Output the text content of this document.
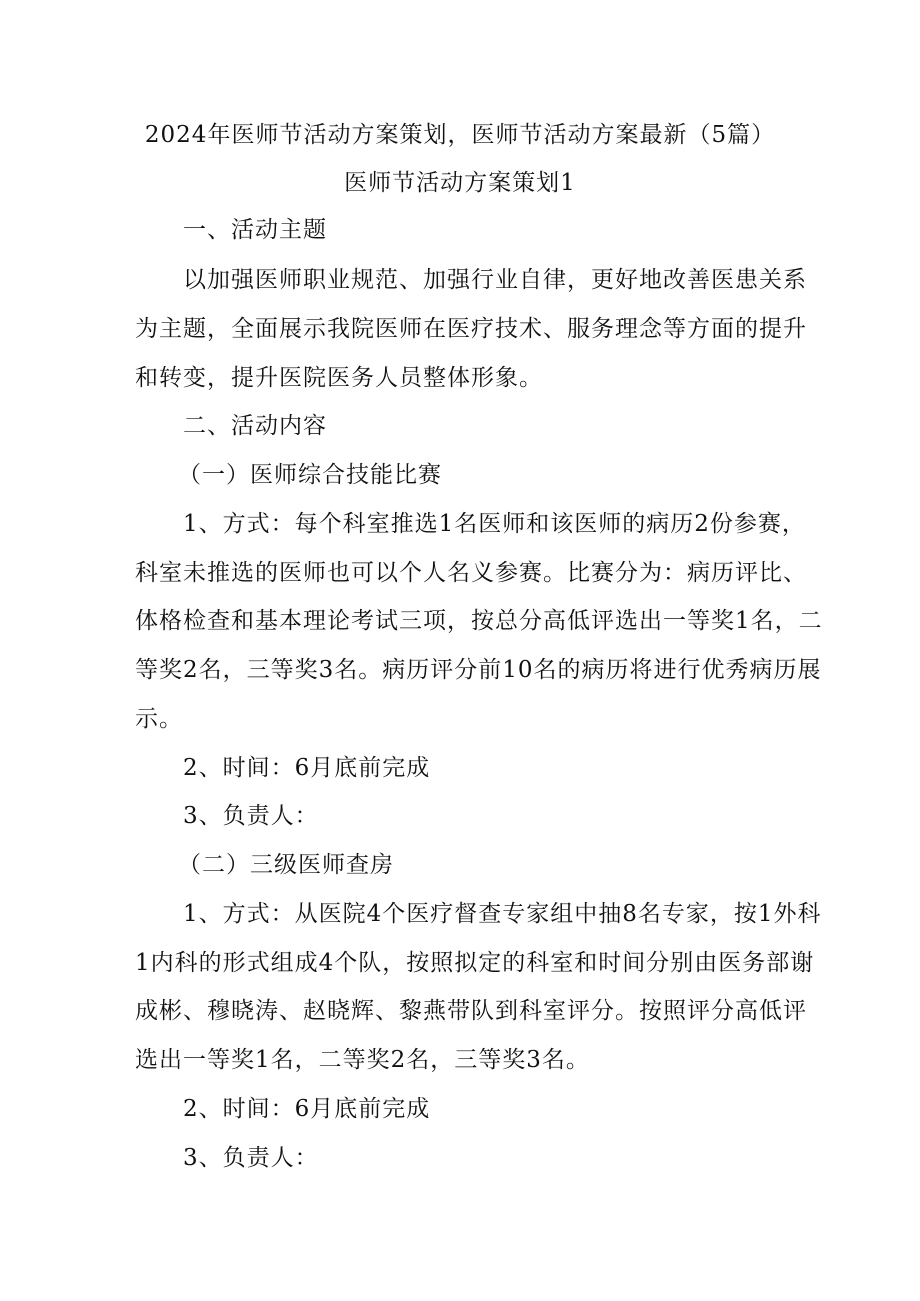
2024年医师节活动方案策划，医师节活动方案最新（5篇）
医师节活动方案策划1
一、活动主题
以加强医师职业规范、加强行业自律，更好地改善医患关系
为主题，全面展示我院医师在医疗技术、服务理念等方面的提升
和转变，提升医院医务人员整体形象。
二、活动内容
（一）医师综合技能比赛
1、方式：每个科室推选1名医师和该医师的病历2份参赛，
科室未推选的医师也可以个人名义参赛。比赛分为：病历评比、
体格检查和基本理论考试三项，按总分高低评选出一等奖1名，二
等奖2名，三等奖3名。病历评分前10名的病历将进行优秀病历展
示。
2、时间：6月底前完成
3、负责人：
（二）三级医师查房
1、方式：从医院4个医疗督查专家组中抽8名专家，按1外科
1内科的形式组成4个队，按照拟定的科室和时间分别由医务部谢
成彬、穆晓涛、赵晓辉、黎燕带队到科室评分。按照评分高低评
选出一等奖1名，二等奖2名，三等奖3名。
2、时间：6月底前完成
3、负责人：
